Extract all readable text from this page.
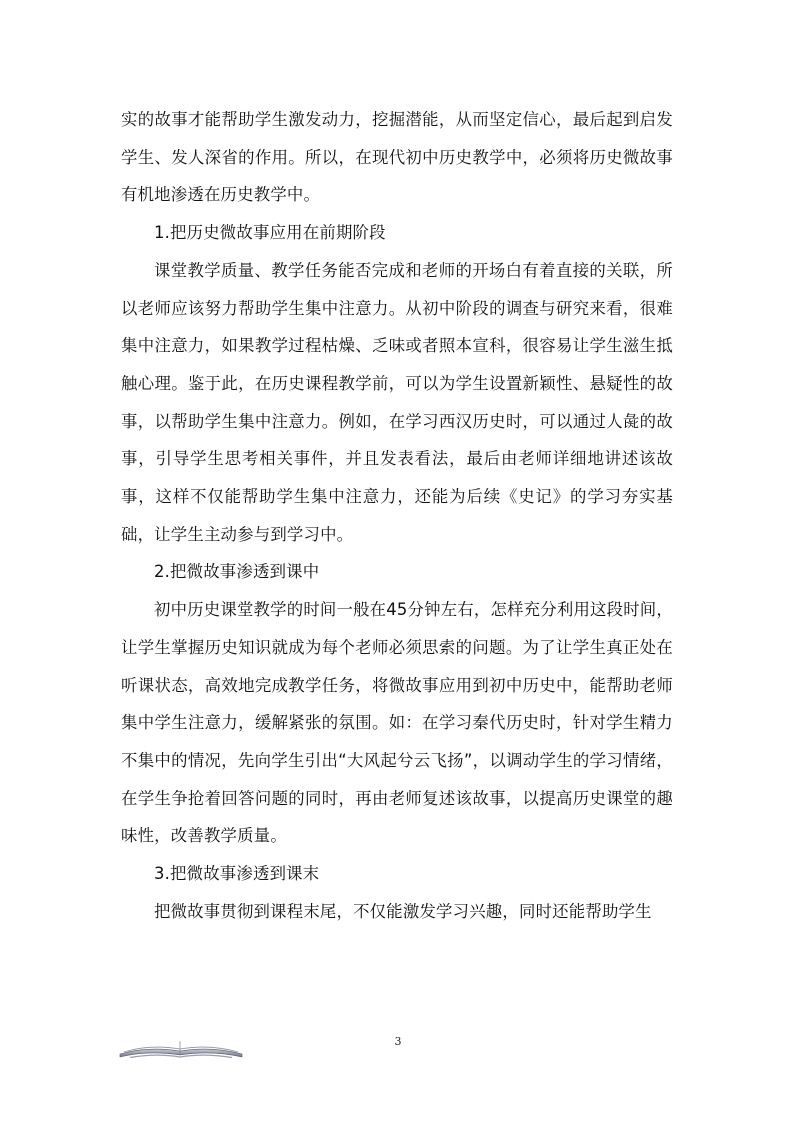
实的故事才能帮助学生激发动力，挖掘潜能，从而坚定信心，最后起到启发学生、发人深省的作用。所以，在现代初中历史教学中，必须将历史微故事有机地渗透在历史教学中。

1.把历史微故事应用在前期阶段

课堂教学质量、教学任务能否完成和老师的开场白有着直接的关联，所以老师应该努力帮助学生集中注意力。从初中阶段的调查与研究来看，很难集中注意力，如果教学过程枯燥、乏味或者照本宣科，很容易让学生滋生抵触心理。鉴于此，在历史课程教学前，可以为学生设置新颖性、悬疑性的故事，以帮助学生集中注意力。例如，在学习西汉历史时，可以通过人彘的故事，引导学生思考相关事件，并且发表看法，最后由老师详细地讲述该故事，这样不仅能帮助学生集中注意力，还能为后续《史记》的学习夯实基础，让学生主动参与到学习中。

2.把微故事渗透到课中

初中历史课堂教学的时间一般在45分钟左右，怎样充分利用这段时间，让学生掌握历史知识就成为每个老师必须思索的问题。为了让学生真正处在听课状态，高效地完成教学任务，将微故事应用到初中历史中，能帮助老师集中学生注意力，缓解紧张的氛围。如：在学习秦代历史时，针对学生精力不集中的情况，先向学生引出“大风起兮云飞扬”，以调动学生的学习情绪，在学生争抢着回答问题的同时，再由老师复述该故事，以提高历史课堂的趣味性，改善教学质量。

3.把微故事渗透到课末

把微故事贯彻到课程末尾，不仅能激发学习兴趣，同时还能帮助学生

3
